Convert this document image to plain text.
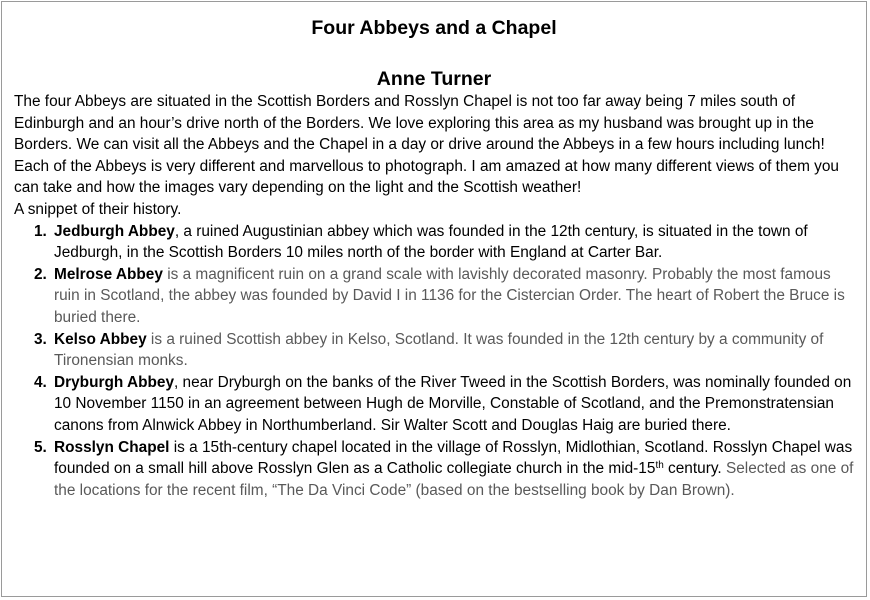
Four Abbeys and a Chapel
Anne Turner

The four Abbeys are situated in the Scottish Borders and Rosslyn Chapel is not too far away being 7 miles south of Edinburgh and an hour’s drive north of the Borders. We love exploring this area as my husband was brought up in the Borders. We can visit all the Abbeys and the Chapel in a day or drive around the Abbeys in a few hours including lunch!

Each of the Abbeys is very different and marvellous to photograph. I am amazed at how many different views of them you can take and how the images vary depending on the light and the Scottish weather!

A snippet of their history.

1. Jedburgh Abbey, a ruined Augustinian abbey which was founded in the 12th century, is situated in the town of Jedburgh, in the Scottish Borders 10 miles north of the border with England at Carter Bar.
2. Melrose Abbey is a magnificent ruin on a grand scale with lavishly decorated masonry. Probably the most famous ruin in Scotland, the abbey was founded by David I in 1136 for the Cistercian Order. The heart of Robert the Bruce is buried there.
3. Kelso Abbey is a ruined Scottish abbey in Kelso, Scotland. It was founded in the 12th century by a community of Tironensian monks.
4. Dryburgh Abbey, near Dryburgh on the banks of the River Tweed in the Scottish Borders, was nominally founded on 10 November 1150 in an agreement between Hugh de Morville, Constable of Scotland, and the Premonstratensian canons from Alnwick Abbey in Northumberland. Sir Walter Scott and Douglas Haig are buried there.
5. Rosslyn Chapel is a 15th-century chapel located in the village of Rosslyn, Midlothian, Scotland. Rosslyn Chapel was founded on a small hill above Rosslyn Glen as a Catholic collegiate church in the mid-15th century. Selected as one of the locations for the recent film, “The Da Vinci Code” (based on the bestselling book by Dan Brown).
